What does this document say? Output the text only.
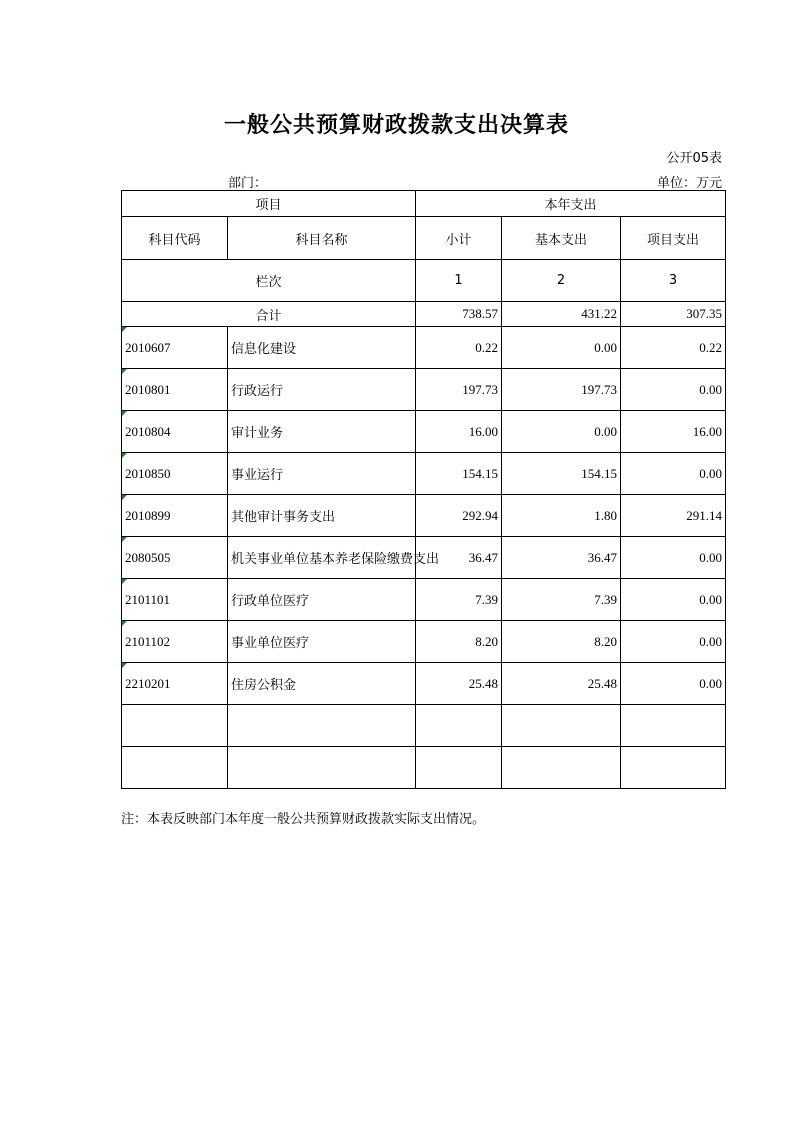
一般公共预算财政拨款支出决算表
公开05表
部门：	单位：万元
项目		本年支出		
科目代码	科目名称	小计	基本支出	项目支出
栏次		1	2	3
合计		738.57	431.22	307.35
2010607	信息化建设	0.22	0.00	0.22
2010801	行政运行	197.73	197.73	0.00
2010804	审计业务	16.00	0.00	16.00
2010850	事业运行	154.15	154.15	0.00
2010899	其他审计事务支出	292.94	1.80	291.14
2080505	机关事业单位基本养老保险缴费支出	36.47	36.47	0.00
2101101	行政单位医疗	7.39	7.39	0.00
2101102	事业单位医疗	8.20	8.20	0.00
2210201	住房公积金	25.48	25.48	0.00

注：本表反映部门本年度一般公共预算财政拨款实际支出情况。
